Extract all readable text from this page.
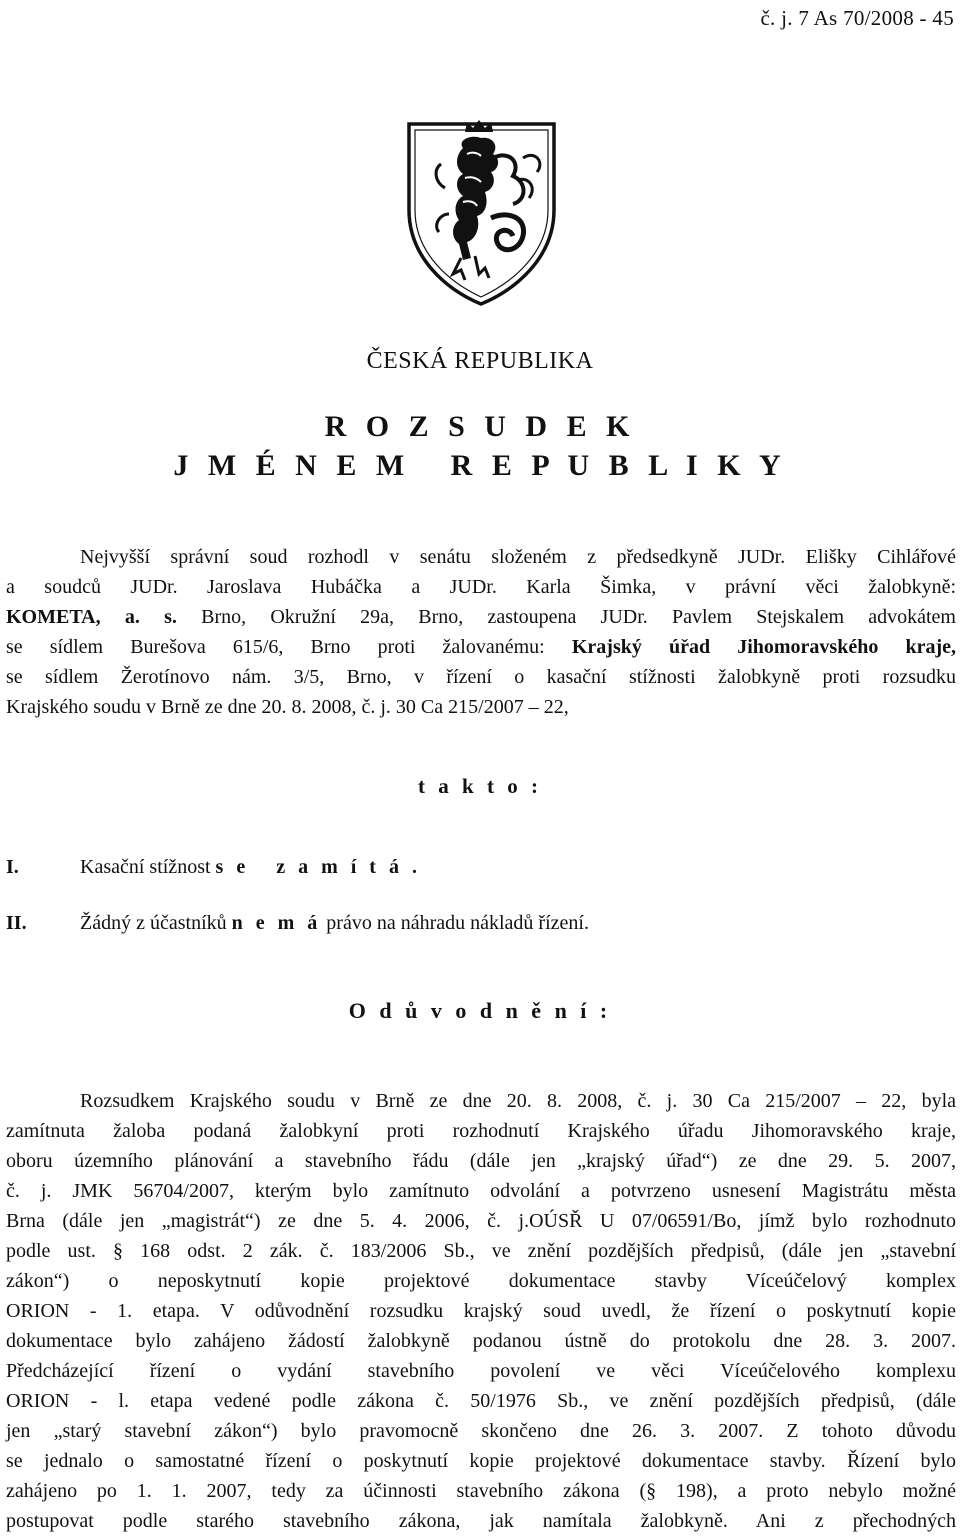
č. j. 7 As 70/2008 - 45
ČESKÁ REPUBLIKA
R O Z S U D E K
J M É N E M   R E P U B L I K Y
Nejvyšší správní soud rozhodl v senátu složeném z předsedkyně JUDr. Elišky Cihlářové
a soudců JUDr. Jaroslava Hubáčka a JUDr. Karla Šimka, v právní věci žalobkyně:
KOMETA, a. s. Brno, Okružní 29a, Brno, zastoupena JUDr. Pavlem Stejskalem advokátem
se sídlem Burešova 615/6, Brno proti žalovanému: Krajský úřad Jihomoravského kraje,
se sídlem Žerotínovo nám. 3/5, Brno, v řízení o kasační stížnosti žalobkyně proti rozsudku
Krajského soudu v Brně ze dne 20. 8. 2008, č. j. 30 Ca 215/2007 – 22,
t a k t o :
I.	Kasační stížnost s e   z a m í t á .
II.	Žádný z účastníků n e m á právo na náhradu nákladů řízení.
O d ů v o d n ě n í :
Rozsudkem Krajského soudu v Brně ze dne 20. 8. 2008, č. j. 30 Ca 215/2007 – 22, byla
zamítnuta žaloba podaná žalobkyní proti rozhodnutí Krajského úřadu Jihomoravského kraje,
oboru územního plánování a stavebního řádu (dále jen „krajský úřad“) ze dne 29. 5. 2007,
č. j. JMK 56704/2007, kterým bylo zamítnuto odvolání a potvrzeno usnesení Magistrátu města
Brna (dále jen „magistrát“) ze dne 5. 4. 2006, č. j.OÚSŘ U 07/06591/Bo, jímž bylo rozhodnuto
podle ust. § 168 odst. 2 zák. č. 183/2006 Sb., ve znění pozdějších předpisů, (dále jen „stavební
zákon“) o neposkytnutí kopie projektové dokumentace stavby Víceúčelový komplex
ORION - 1. etapa. V odůvodnění rozsudku krajský soud uvedl, že řízení o poskytnutí kopie
dokumentace bylo zahájeno žádostí žalobkyně podanou ústně do protokolu dne 28. 3. 2007.
Předcházející řízení o vydání stavebního povolení ve věci Víceúčelového komplexu
ORION - l. etapa vedené podle zákona č. 50/1976 Sb., ve znění pozdějších předpisů, (dále
jen „starý stavební zákon“) bylo pravomocně skončeno dne 26. 3. 2007. Z tohoto důvodu
se jednalo o samostatné řízení o poskytnutí kopie projektové dokumentace stavby. Řízení bylo
zahájeno po 1. 1. 2007, tedy za účinnosti stavebního zákona (§ 198), a proto nebylo možné
postupovat podle starého stavebního zákona, jak namítala žalobkyně. Ani z přechodných
